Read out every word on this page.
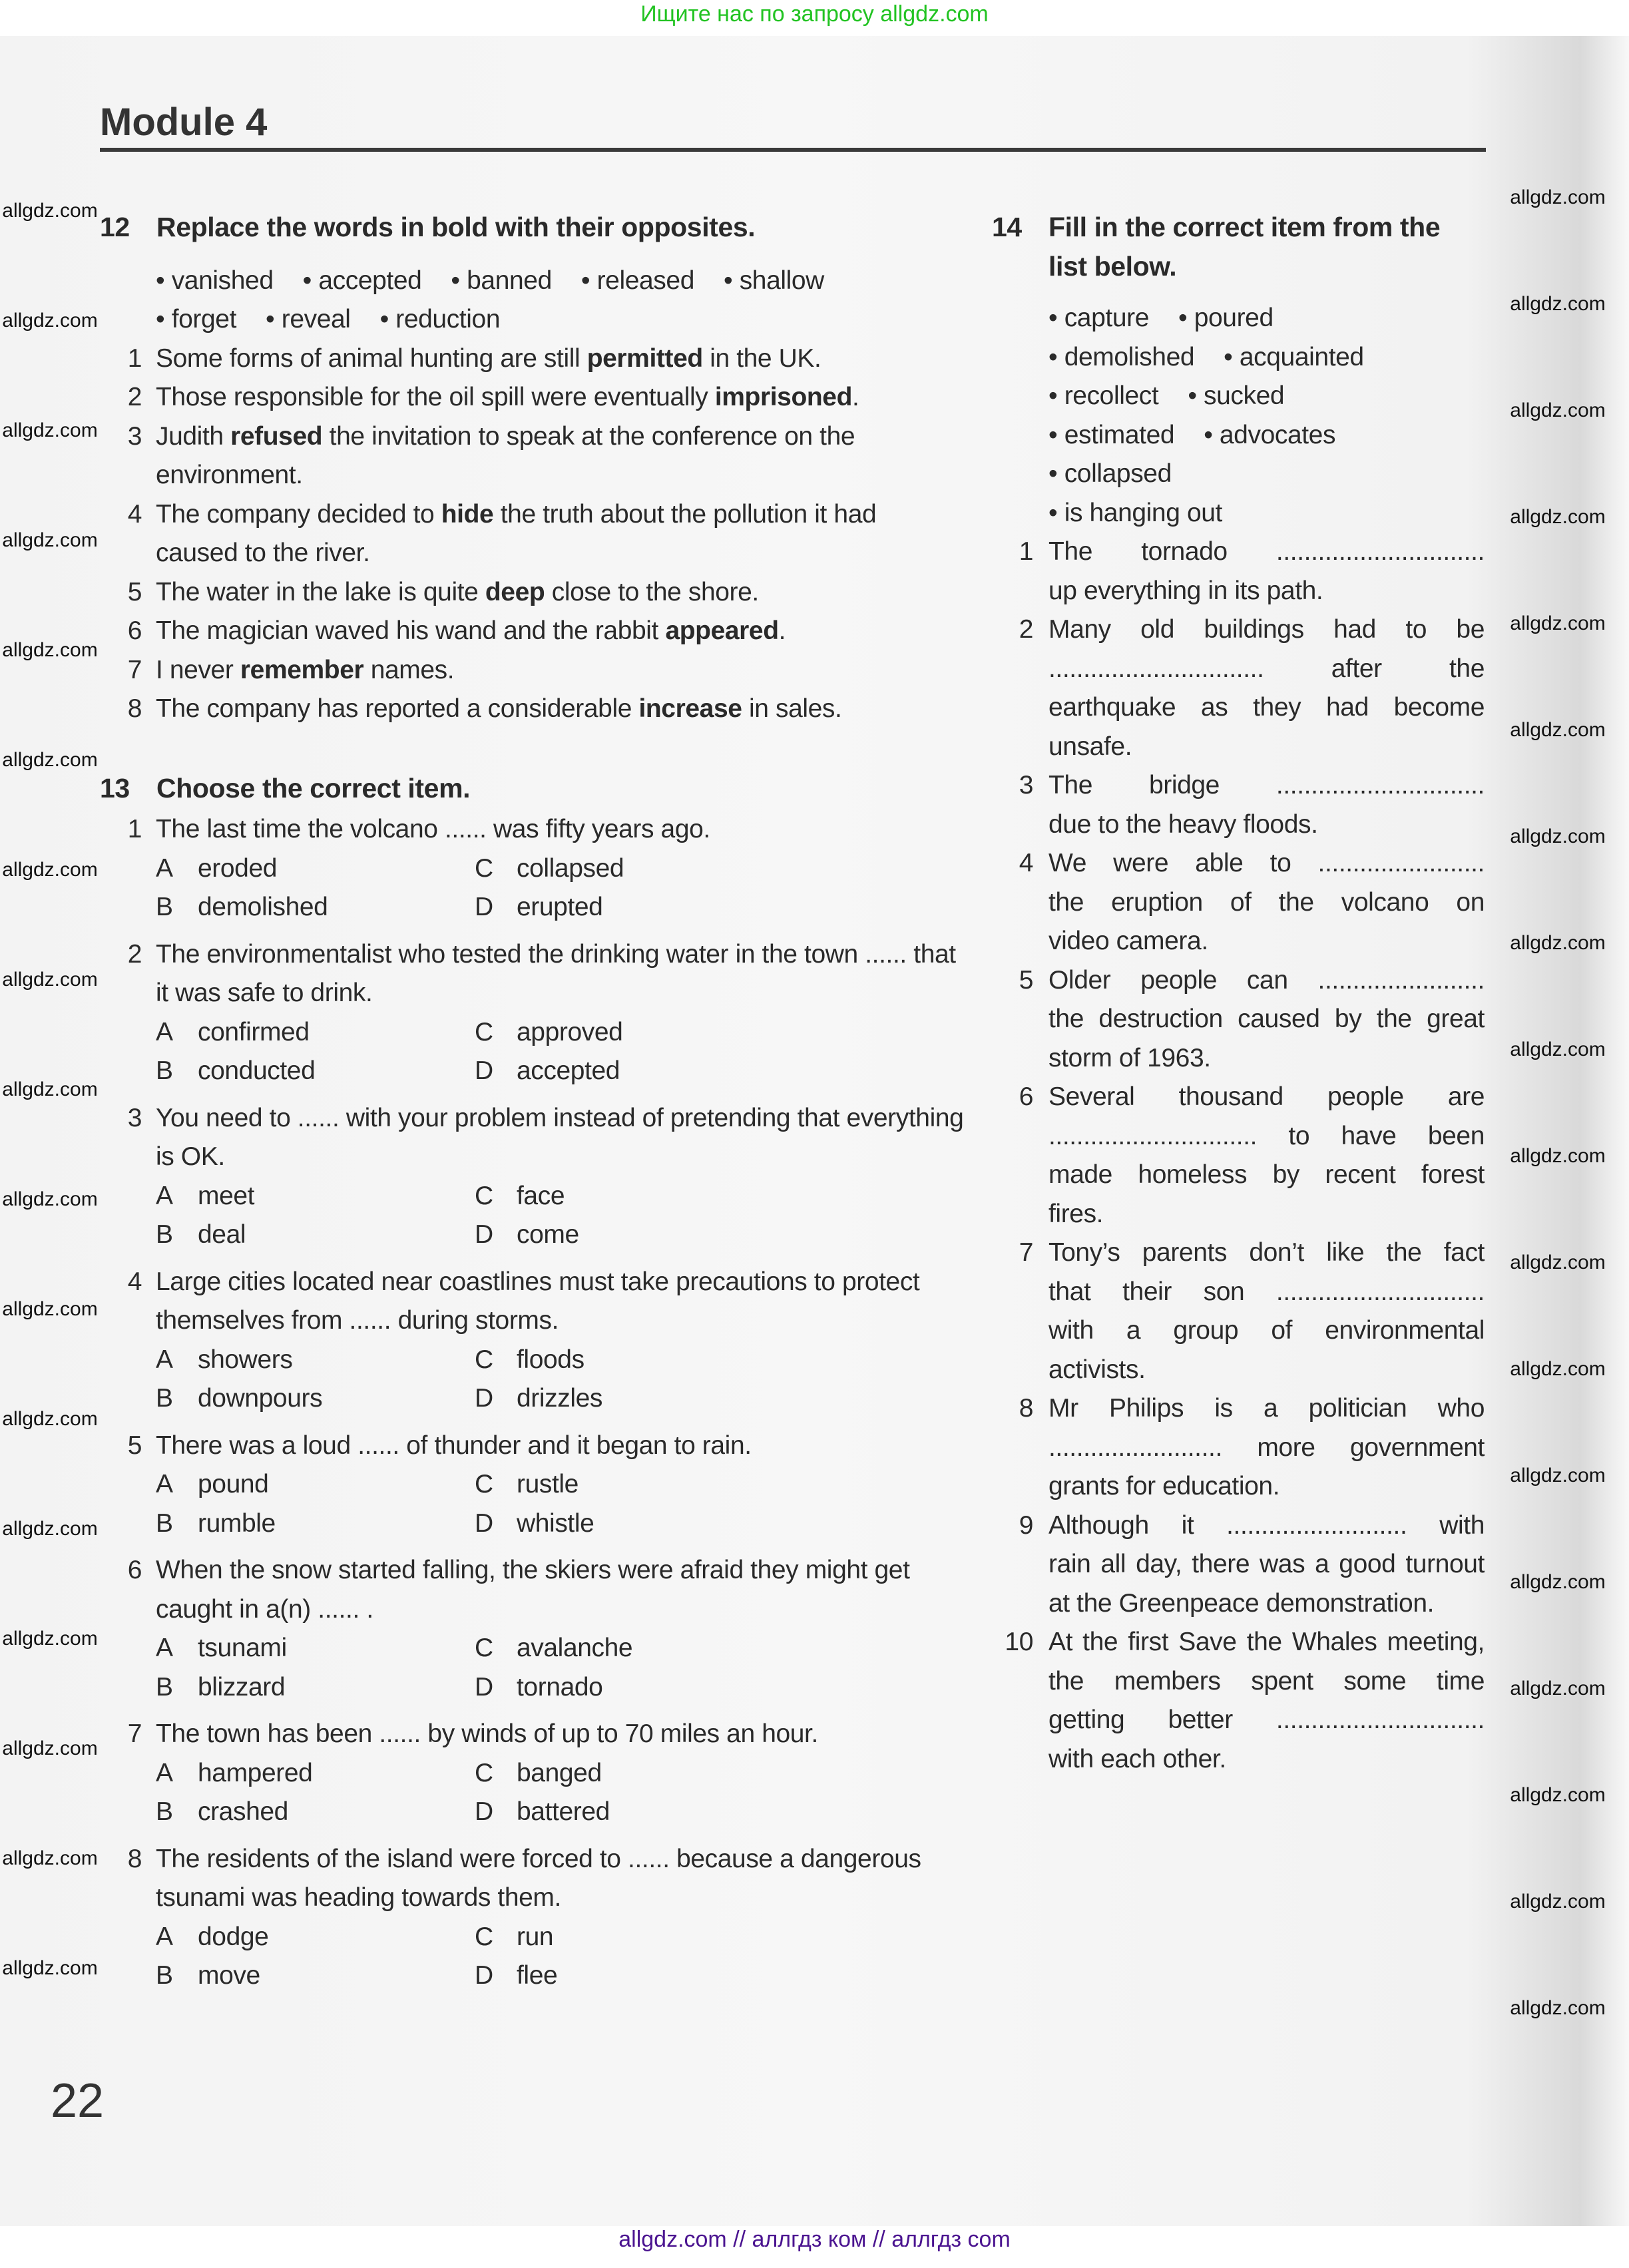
Ищите нас по запросу allgdz.com
Module 4
12 Replace the words in bold with their opposites.
• vanished • accepted • banned • released • shallow
• forget • reveal • reduction
1 Some forms of animal hunting are still permitted in the UK.
2 Those responsible for the oil spill were eventually imprisoned.
3 Judith refused the invitation to speak at the conference on the environment.
4 The company decided to hide the truth about the pollution it had caused to the river.
5 The water in the lake is quite deep close to the shore.
6 The magician waved his wand and the rabbit appeared.
7 I never remember names.
8 The company has reported a considerable increase in sales.
13 Choose the correct item.
1 The last time the volcano ...... was fifty years ago.
A eroded	C collapsed
B demolished	D erupted
2 The environmentalist who tested the drinking water in the town ...... that it was safe to drink.
A confirmed	C approved
B conducted	D accepted
3 You need to ...... with your problem instead of pretending that everything is OK.
A meet	C face
B deal	D come
4 Large cities located near coastlines must take precautions to protect themselves from ...... during storms.
A showers	C floods
B downpours	D drizzles
5 There was a loud ...... of thunder and it began to rain.
A pound	C rustle
B rumble	D whistle
6 When the snow started falling, the skiers were afraid they might get caught in a(n) ...... .
A tsunami	C avalanche
B blizzard	D tornado
7 The town has been ...... by winds of up to 70 miles an hour.
A hampered	C banged
B crashed	D battered
8 The residents of the island were forced to ...... because a dangerous tsunami was heading towards them.
A dodge	C run
B move	D flee
14 Fill in the correct item from the
list below.
• capture • poured
• demolished • acquainted
• recollect • sucked
• estimated • advocates
• collapsed
• is hanging out
1 The tornado ..............................
up everything in its path.
2 Many old buildings had to be
............................... after the
earthquake as they had become
unsafe.
3 The bridge ..............................
due to the heavy floods.
4 We were able to ........................
the eruption of the volcano on
video camera.
5 Older people can ........................
the destruction caused by the great
storm of 1963.
6 Several thousand people are
.............................. to have been
made homeless by recent forest
fires.
7 Tony’s parents don’t like the fact
that their son ..............................
with a group of environmental
activists.
8 Mr Philips is a politician who
......................... more government
grants for education.
9 Although it .......................... with
rain all day, there was a good turnout
at the Greenpeace demonstration.
10 At the first Save the Whales meeting,
the members spent some time
getting better ..............................
with each other.
22
allgdz.com
allgdz.com
allgdz.com
allgdz.com
allgdz.com
allgdz.com
allgdz.com
allgdz.com
allgdz.com
allgdz.com
allgdz.com
allgdz.com
allgdz.com
allgdz.com
allgdz.com
allgdz.com
allgdz.com
allgdz.com
allgdz.com
allgdz.com
allgdz.com
allgdz.com
allgdz.com
allgdz.com
allgdz.com
allgdz.com
allgdz.com
allgdz.com
allgdz.com
allgdz.com
allgdz.com
allgdz.com
allgdz.com
allgdz.com
allgdz.com
allgdz.com // аллгдз ком // аллгдз com
